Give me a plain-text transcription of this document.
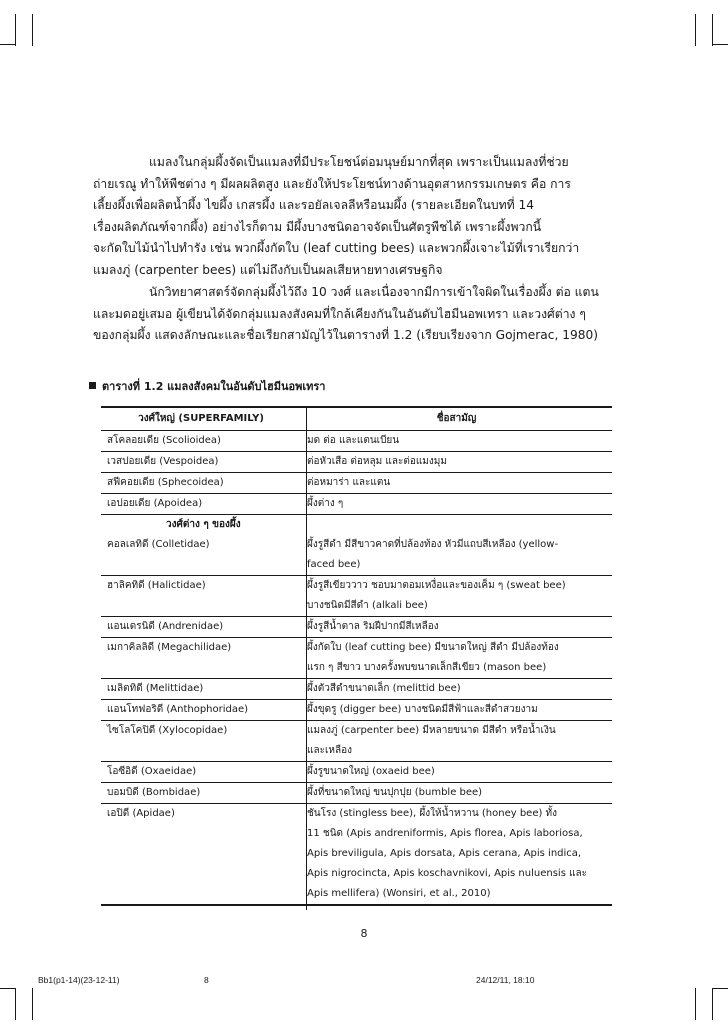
แมลงในกลุ่มผึ้งจัดเป็นแมลงที่มีประโยชน์ต่อมนุษย์มากที่สุด เพราะเป็นแมลงที่ช่วย
ถ่ายเรณู ทำให้พืชต่าง ๆ มีผลผลิตสูง และยังให้ประโยชน์ทางด้านอุตสาหกรรมเกษตร คือ การ
เลี้ยงผึ้งเพื่อผลิตน้ำผึ้ง ไขผึ้ง เกสรผึ้ง และรอยัลเจลลีหรือนมผึ้ง (รายละเอียดในบทที่ 14
เรื่องผลิตภัณฑ์จากผึ้ง) อย่างไรก็ตาม มีผึ้งบางชนิดอาจจัดเป็นศัตรูพืชได้ เพราะผึ้งพวกนี้
จะกัดใบไม้นำไปทำรัง เช่น พวกผึ้งกัดใบ (leaf cutting bees) และพวกผึ้งเจาะไม้ที่เราเรียกว่า
แมลงภู่ (carpenter bees) แต่ไม่ถึงกับเป็นผลเสียหายทางเศรษฐกิจ
นักวิทยาศาสตร์จัดกลุ่มผึ้งไว้ถึง 10 วงศ์ และเนื่องจากมีการเข้าใจผิดในเรื่องผึ้ง ต่อ แตน
และมดอยู่เสมอ ผู้เขียนได้จัดกลุ่มแมลงสังคมที่ใกล้เคียงกันในอันดับไฮมีนอพเทรา และวงศ์ต่าง ๆ
ของกลุ่มผึ้ง แสดงลักษณะและชื่อเรียกสามัญไว้ในตารางที่ 1.2 (เรียบเรียงจาก Gojmerac, 1980)
ตารางที่ 1.2 แมลงสังคมในอันดับไฮมีนอพเทรา
วงศ์ใหญ่ (SUPERFAMILY)	ชื่อสามัญ
สโคลอยเดีย (Scolioidea)	มด ต่อ และแตนเบียน
เวสปอยเดีย (Vespoidea)	ต่อหัวเสือ ต่อหลุม และต่อแมงมุม
สฟีคอยเดีย (Sphecoidea)	ต่อหมาร่า และแตน
เอปอยเดีย (Apoidea)	ผึ้งต่าง ๆ
วงศ์ต่าง ๆ ของผึ้ง	
คอลเลทิดี (Colletidae)	ผึ้งรูสีดำ มีสีขาวคาดที่ปล้องท้อง หัวมีแถบสีเหลือง (yellow-
faced bee)

ฮาลิคทิดี (Halictidae)	ผึ้งรูสีเขียววาว ชอบมาตอมเหงื่อและของเค็ม ๆ (sweat bee)
บางชนิดมีสีดำ (alkali bee)

แอนเดรนิดี (Andrenidae)	ผึ้งรูสีน้ำตาล ริมฝีปากมีสีเหลือง

เมกาคิลลิดี (Megachilidae)	ผึ้งกัดใบ (leaf cutting bee) มีขนาดใหญ่ สีดำ มีปล้องท้อง
แรก ๆ สีขาว บางครั้งพบขนาดเล็กสีเขียว (mason bee)

เมลิตทิดี (Melittidae)	ผึ้งตัวสีดำขนาดเล็ก (melittid bee)

แอนโทฟอริดี (Anthophoridae)	ผึ้งขุดรู (digger bee) บางชนิดมีสีฟ้าและสีดำสวยงาม

ไซโลโคปิดี (Xylocopidae)	แมลงภู่ (carpenter bee) มีหลายขนาด มีสีดำ หรือน้ำเงิน
และเหลือง

โอซีอิดี (Oxaeidae)	ผึ้งรูขนาดใหญ่ (oxaeid bee)

บอมบิดี (Bombidae)	ผึ้งที่ขนาดใหญ่ ขนปุกปุย (bumble bee)

เอปิดี (Apidae)	ชันโรง (stingless bee), ผึ้งให้น้ำหวาน (honey bee) ทั้ง
11 ชนิด (Apis andreniformis, Apis florea, Apis laboriosa,
Apis breviligula, Apis dorsata, Apis cerana, Apis indica,
Apis nigrocincta, Apis koschavnikovi, Apis nuluensis และ
Apis mellifera) (Wonsiri, et al., 2010)
8
Bb1(p1-14)(23-12-11)	8	24/12/11, 18:10
